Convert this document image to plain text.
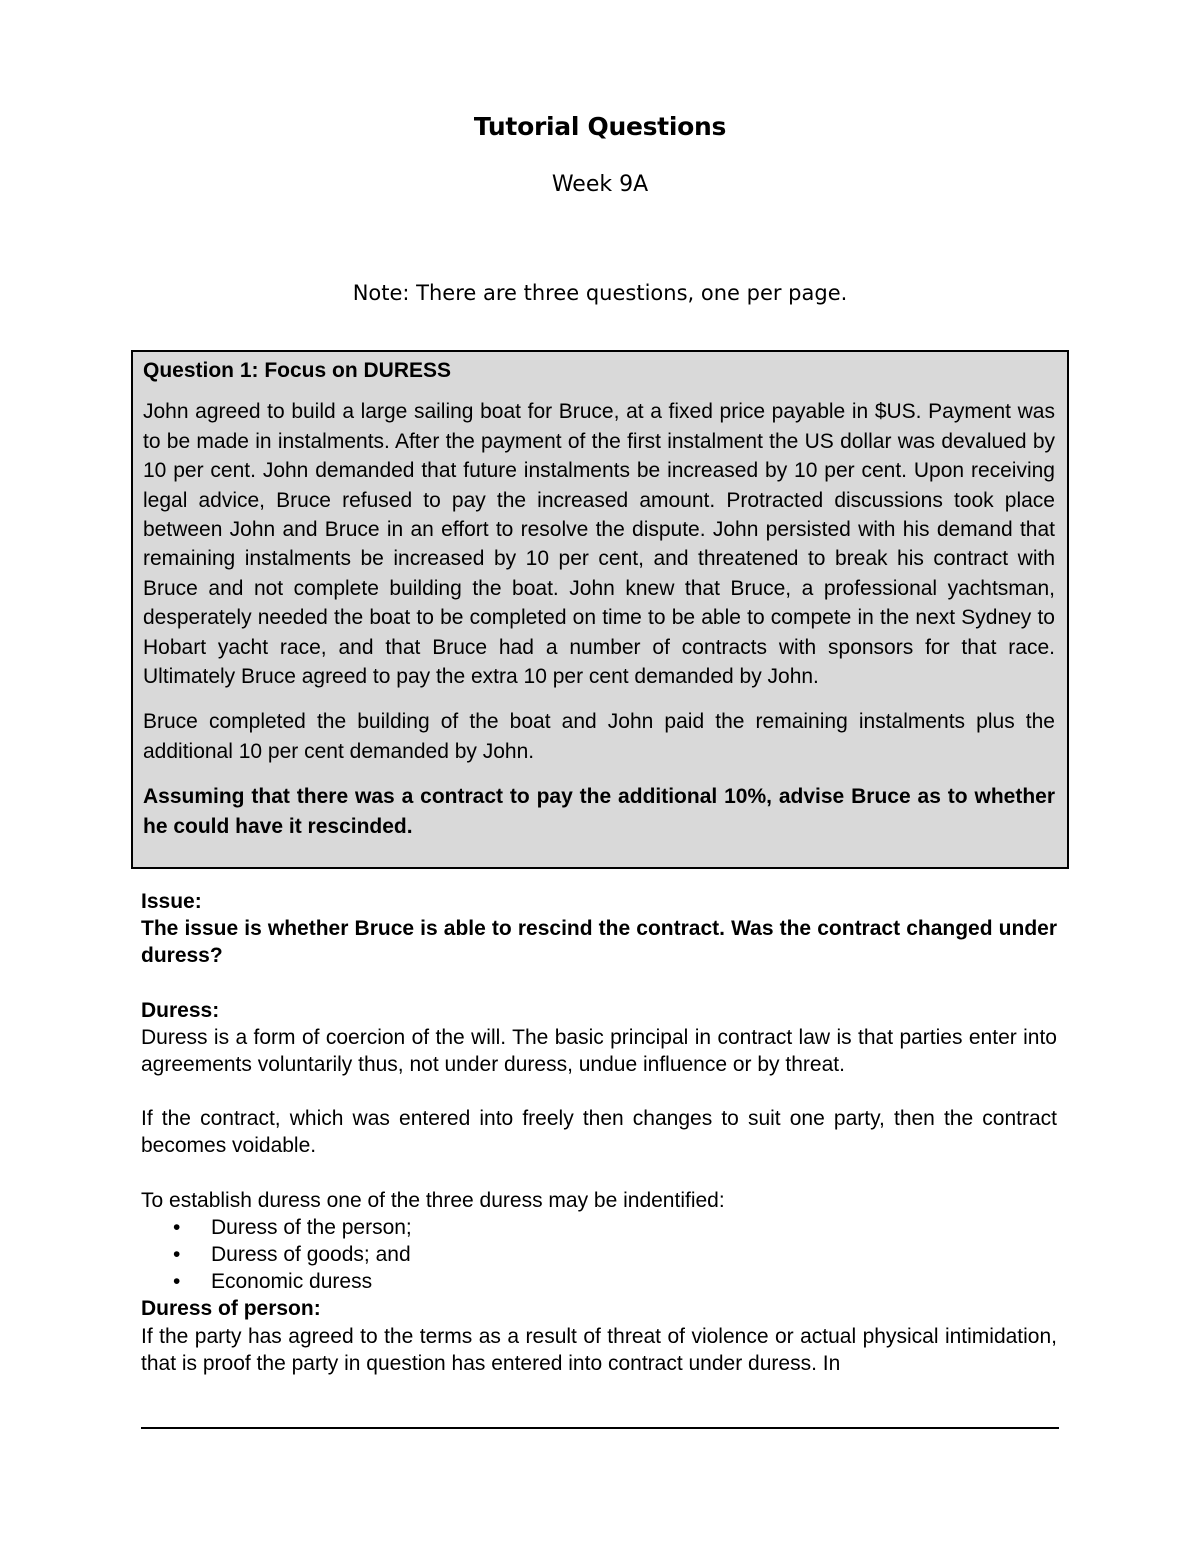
Tutorial Questions
Week 9A
Note: There are three questions, one per page.

Question 1: Focus on DURESS

John agreed to build a large sailing boat for Bruce, at a fixed price payable in $US. Payment was to be made in instalments. After the payment of the first instalment the US dollar was devalued by 10 per cent. John demanded that future instalments be increased by 10 per cent. Upon receiving legal advice, Bruce refused to pay the increased amount. Protracted discussions took place between John and Bruce in an effort to resolve the dispute. John persisted with his demand that remaining instalments be increased by 10 per cent, and threatened to break his contract with Bruce and not complete building the boat. John knew that Bruce, a professional yachtsman, desperately needed the boat to be completed on time to be able to compete in the next Sydney to Hobart yacht race, and that Bruce had a number of contracts with sponsors for that race. Ultimately Bruce agreed to pay the extra 10 per cent demanded by John.

Bruce completed the building of the boat and John paid the remaining instalments plus the additional 10 per cent demanded by John.

Assuming that there was a contract to pay the additional 10%, advise Bruce as to whether he could have it rescinded.

Issue:

The issue is whether Bruce is able to rescind the contract. Was the contract changed under duress?

Duress:

Duress is a form of coercion of the will. The basic principal in contract law is that parties enter into agreements voluntarily thus, not under duress, undue influence or by threat.

If the contract, which was entered into freely then changes to suit one party, then the contract becomes voidable.

To establish duress one of the three duress may be indentified:

• Duress of the person;
• Duress of goods; and
• Economic duress

Duress of person:

If the party has agreed to the terms as a result of threat of violence or actual physical intimidation, that is proof the party in question has entered into contract under duress. In
